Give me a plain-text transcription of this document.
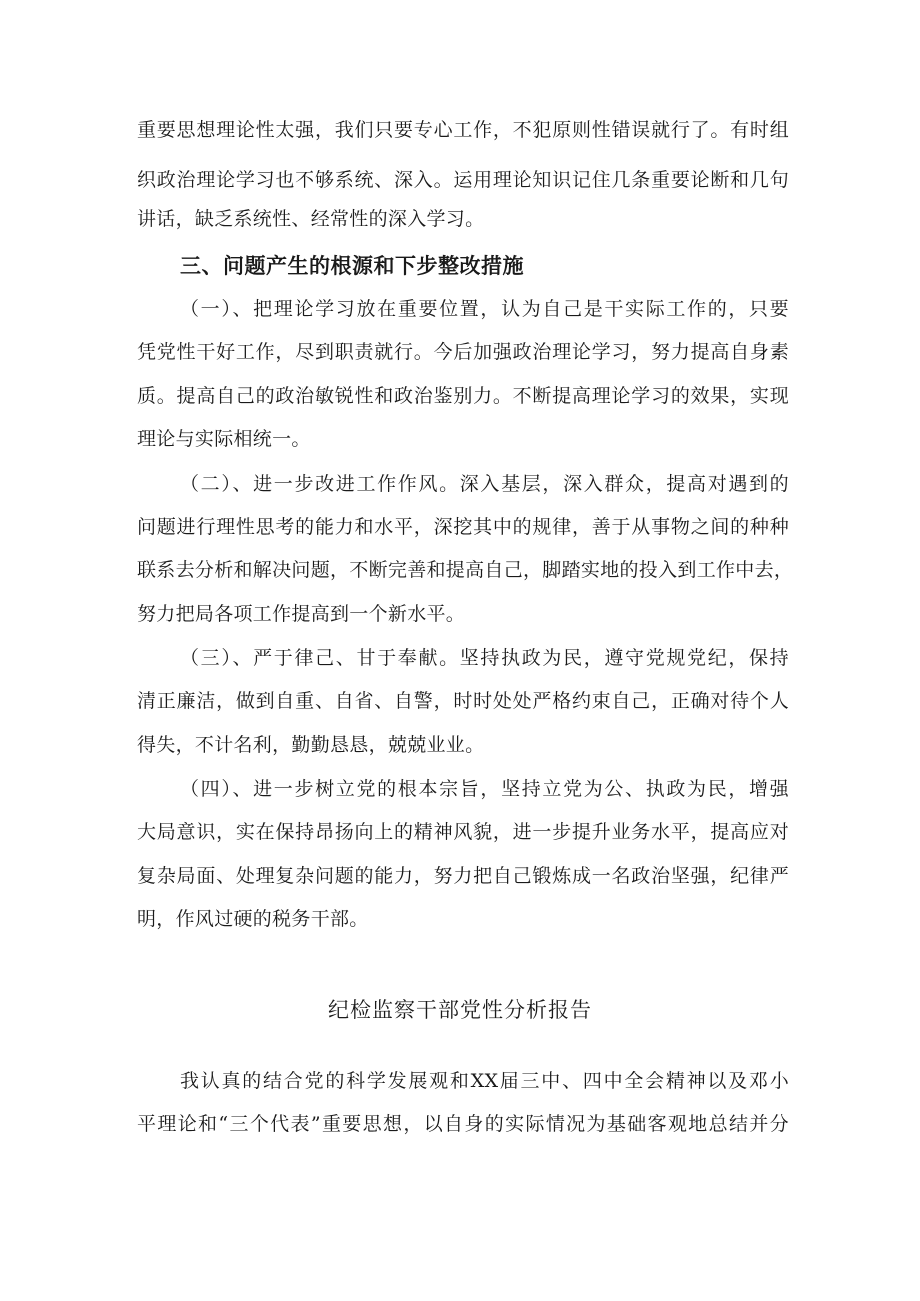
重要思想理论性太强，我们只要专心工作，不犯原则性错误就行了。有时组
织政治理论学习也不够系统、深入。运用理论知识记住几条重要论断和几句
讲话，缺乏系统性、经常性的深入学习。
三、问题产生的根源和下步整改措施
（一）、把理论学习放在重要位置，认为自己是干实际工作的，只要
凭党性干好工作，尽到职责就行。今后加强政治理论学习，努力提高自身素
质。提高自己的政治敏锐性和政治鉴别力。不断提高理论学习的效果，实现
理论与实际相统一。
（二）、进一步改进工作作风。深入基层，深入群众，提高对遇到的
问题进行理性思考的能力和水平，深挖其中的规律，善于从事物之间的种种
联系去分析和解决问题，不断完善和提高自己，脚踏实地的投入到工作中去，
努力把局各项工作提高到一个新水平。
（三）、严于律己、甘于奉献。坚持执政为民，遵守党规党纪，保持
清正廉洁，做到自重、自省、自警，时时处处严格约束自己，正确对待个人
得失，不计名利，勤勤恳恳，兢兢业业。
（四）、进一步树立党的根本宗旨，坚持立党为公、执政为民，增强
大局意识，实在保持昂扬向上的精神风貌，进一步提升业务水平，提高应对
复杂局面、处理复杂问题的能力，努力把自己锻炼成一名政治坚强，纪律严
明，作风过硬的税务干部。
纪检监察干部党性分析报告
我认真的结合党的科学发展观和XX届三中、四中全会精神以及邓小
平理论和“三个代表”重要思想，以自身的实际情况为基础客观地总结并分
